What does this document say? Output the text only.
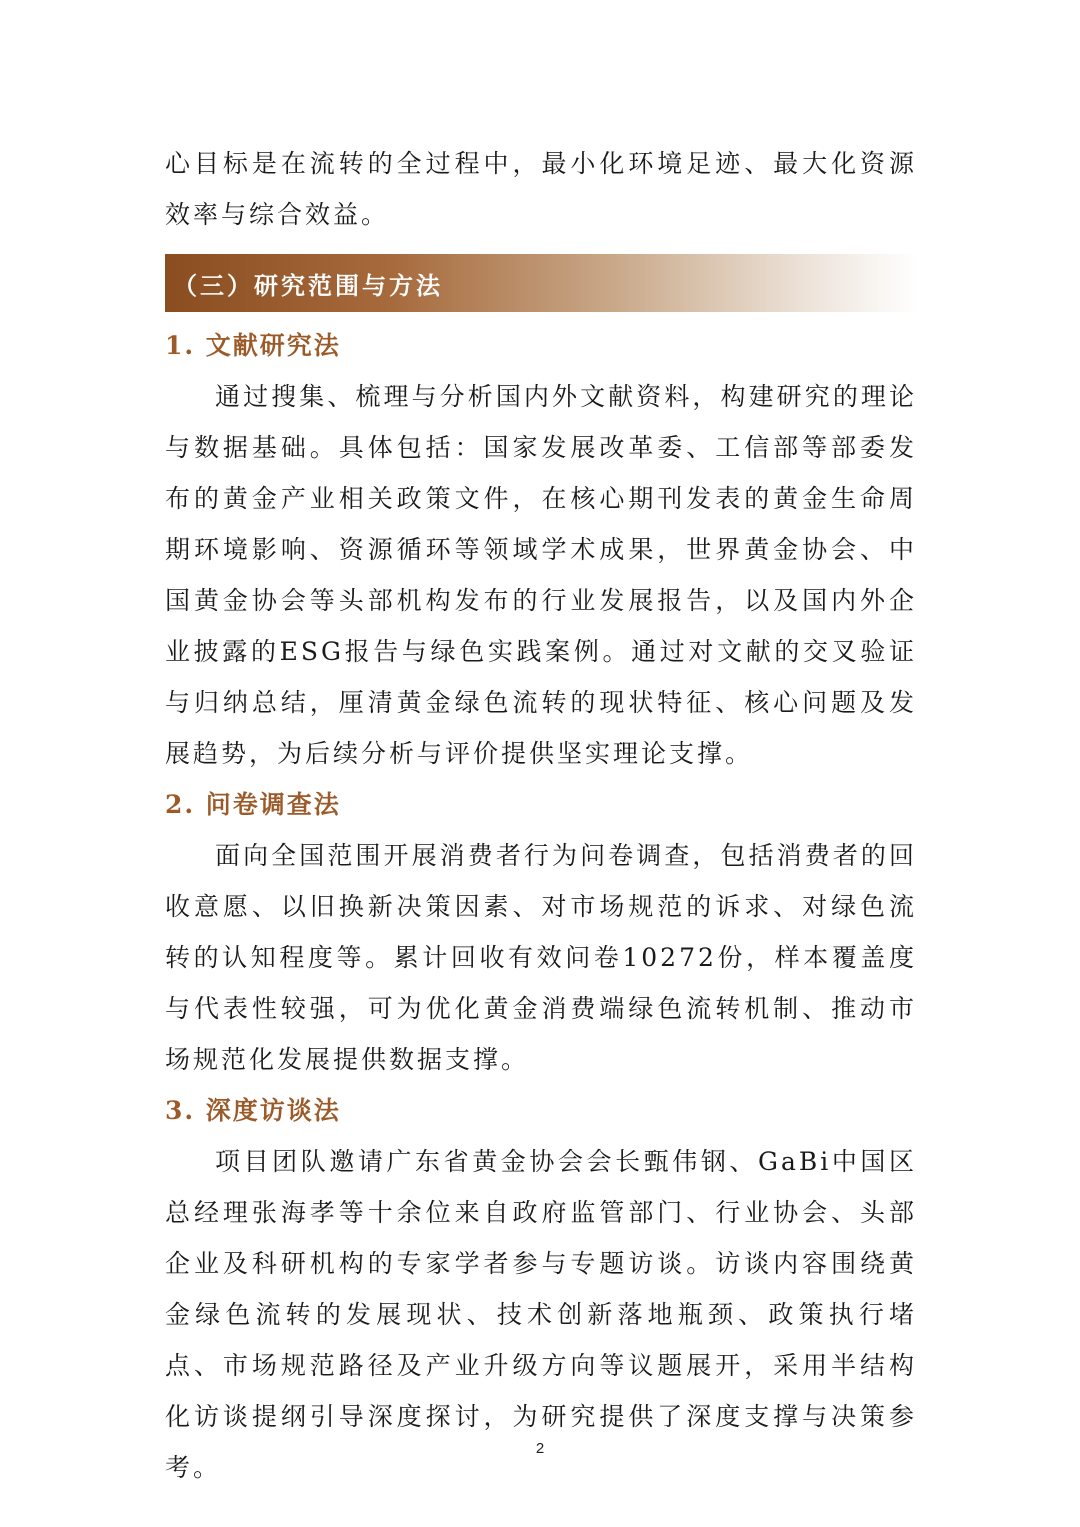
心目标是在流转的全过程中，最小化环境足迹、最大化资源效率与综合效益。

（三）研究范围与方法
1. 文献研究法

通过搜集、梳理与分析国内外文献资料，构建研究的理论与数据基础。具体包括：国家发展改革委、工信部等部委发布的黄金产业相关政策文件，在核心期刊发表的黄金生命周期环境影响、资源循环等领域学术成果，世界黄金协会、中国黄金协会等头部机构发布的行业发展报告，以及国内外企业披露的ESG报告与绿色实践案例。通过对文献的交叉验证与归纳总结，厘清黄金绿色流转的现状特征、核心问题及发展趋势，为后续分析与评价提供坚实理论支撑。

2. 问卷调查法

面向全国范围开展消费者行为问卷调查，包括消费者的回收意愿、以旧换新决策因素、对市场规范的诉求、对绿色流转的认知程度等。累计回收有效问卷10272份，样本覆盖度与代表性较强，可为优化黄金消费端绿色流转机制、推动市场规范化发展提供数据支撑。

3. 深度访谈法

项目团队邀请广东省黄金协会会长甄伟钢、GaBi中国区总经理张海孝等十余位来自政府监管部门、行业协会、头部企业及科研机构的专家学者参与专题访谈。访谈内容围绕黄金绿色流转的发展现状、技术创新落地瓶颈、政策执行堵点、市场规范路径及产业升级方向等议题展开，采用半结构化访谈提纲引导深度探讨，为研究提供了深度支撑与决策参考。

2
